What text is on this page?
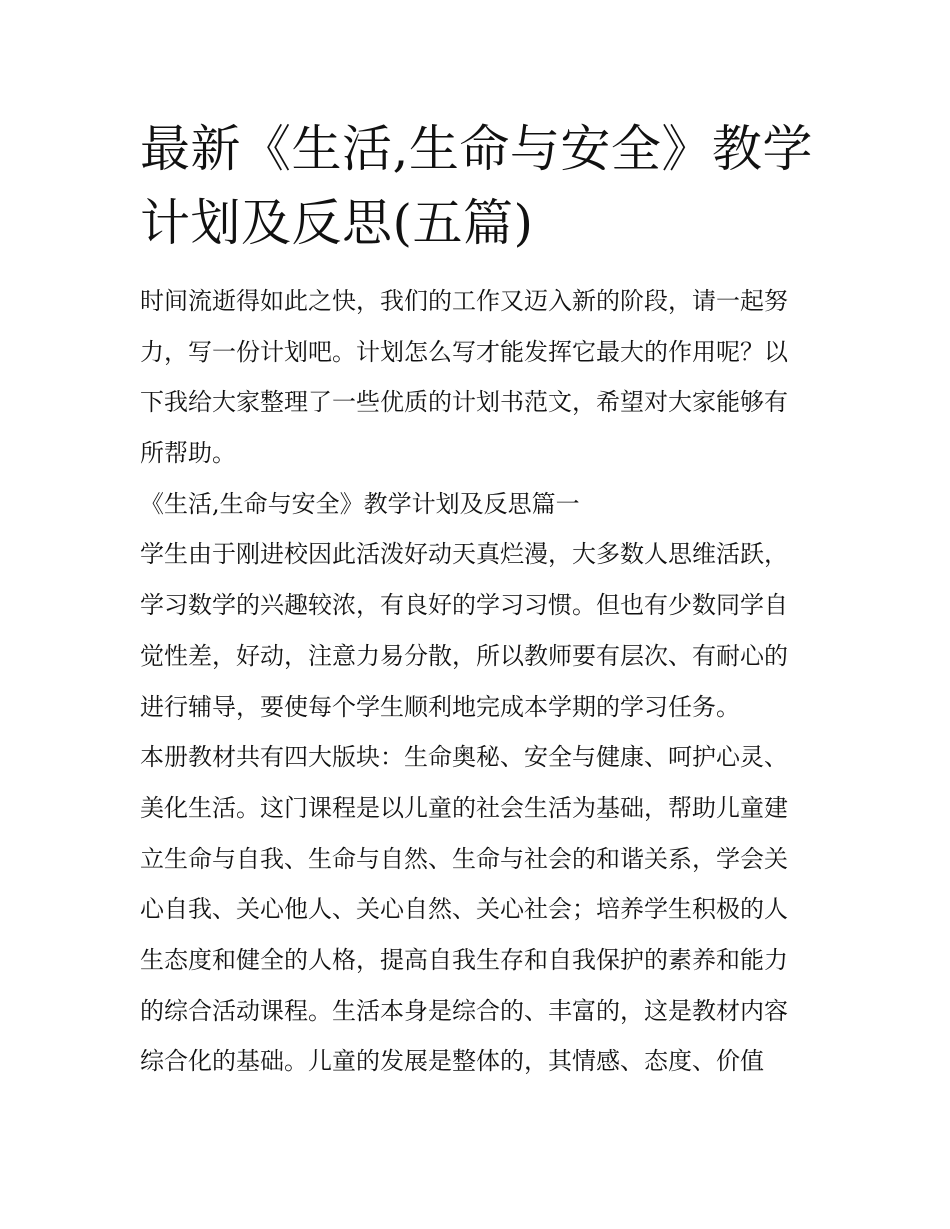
最新《生活,生命与安全》教学
计划及反思(五篇)
时间流逝得如此之快，我们的工作又迈入新的阶段，请一起努
力，写一份计划吧。计划怎么写才能发挥它最大的作用呢？以
下我给大家整理了一些优质的计划书范文，希望对大家能够有
所帮助。
《生活,生命与安全》教学计划及反思篇一
学生由于刚进校因此活泼好动天真烂漫，大多数人思维活跃，
学习数学的兴趣较浓，有良好的学习习惯。但也有少数同学自
觉性差，好动，注意力易分散，所以教师要有层次、有耐心的
进行辅导，要使每个学生顺利地完成本学期的学习任务。
本册教材共有四大版块：生命奥秘、安全与健康、呵护心灵、
美化生活。这门课程是以儿童的社会生活为基础，帮助儿童建
立生命与自我、生命与自然、生命与社会的和谐关系，学会关
心自我、关心他人、关心自然、关心社会；培养学生积极的人
生态度和健全的人格，提高自我生存和自我保护的素养和能力
的综合活动课程。生活本身是综合的、丰富的，这是教材内容
综合化的基础。儿童的发展是整体的，其情感、态度、价值
